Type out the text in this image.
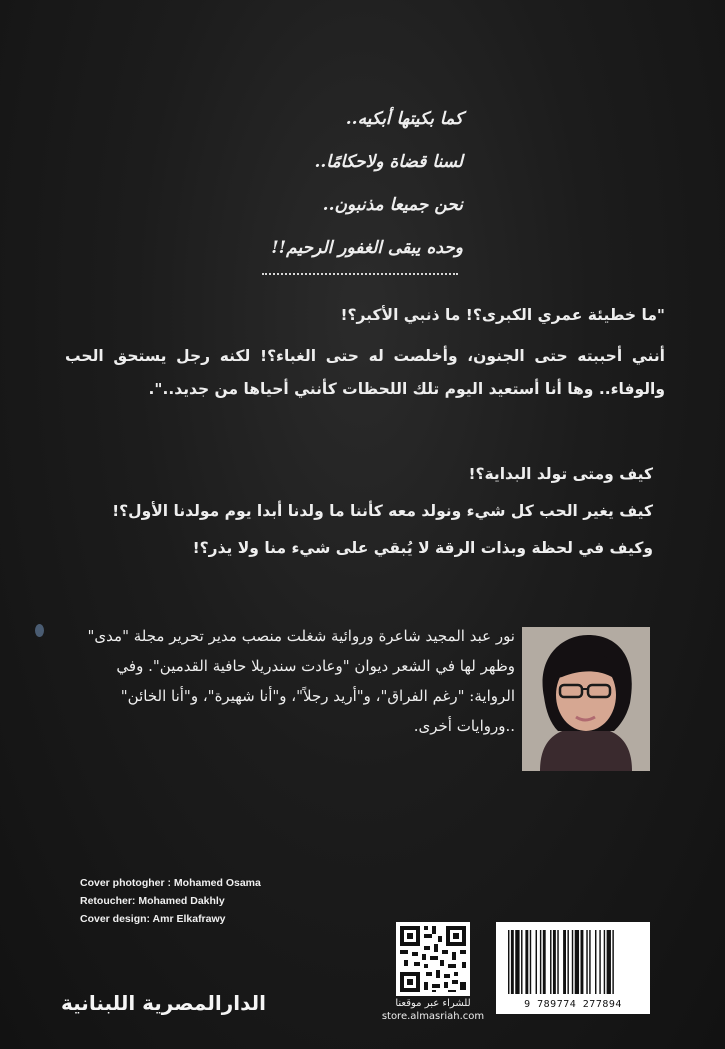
كما بكيتها أبكيه..
لسنا قضاة ولاحكامًا..
نحن جميعا مذنبون..
وحده يبقى الغفور الرحيم!!
"ما خطيئة عمري الكبرى؟! ما ذنبي الأكبر؟!
أنني أحببته حتى الجنون، وأخلصت له حتى الغباء؟! لكنه رجل يستحق الحب والوفاء.. وها أنا أستعيد اليوم تلك اللحظات كأنني أحياها من جديد..".
كيف ومتى تولد البداية؟!
كيف يغير الحب كل شيء ونولد معه كأننا ما ولدنا أبدا يوم مولدنا الأول؟!
وكيف في لحظة وبذات الرقة لا يُبقي على شيء منا ولا يذر؟!
نور عبد المجيد شاعرة وروائية شغلت منصب مدير تحرير مجلة "مدى"
وظهر لها في الشعر ديوان "وعادت سندريلا حافية القدمين". وفي
الرواية: "رغم الفراق"، و"أريد رجلاً"، و"أنا شهيرة"، و"أنا الخائن"
..وروايات أخرى.
Cover photogher : Mohamed Osama
Retoucher: Mohamed Dakhly
Cover design: Amr Elkafrawy
الدارالمصرية اللبنانية	للشراء عبر موقعنا
store.almasriah.com
9 789774 277894
